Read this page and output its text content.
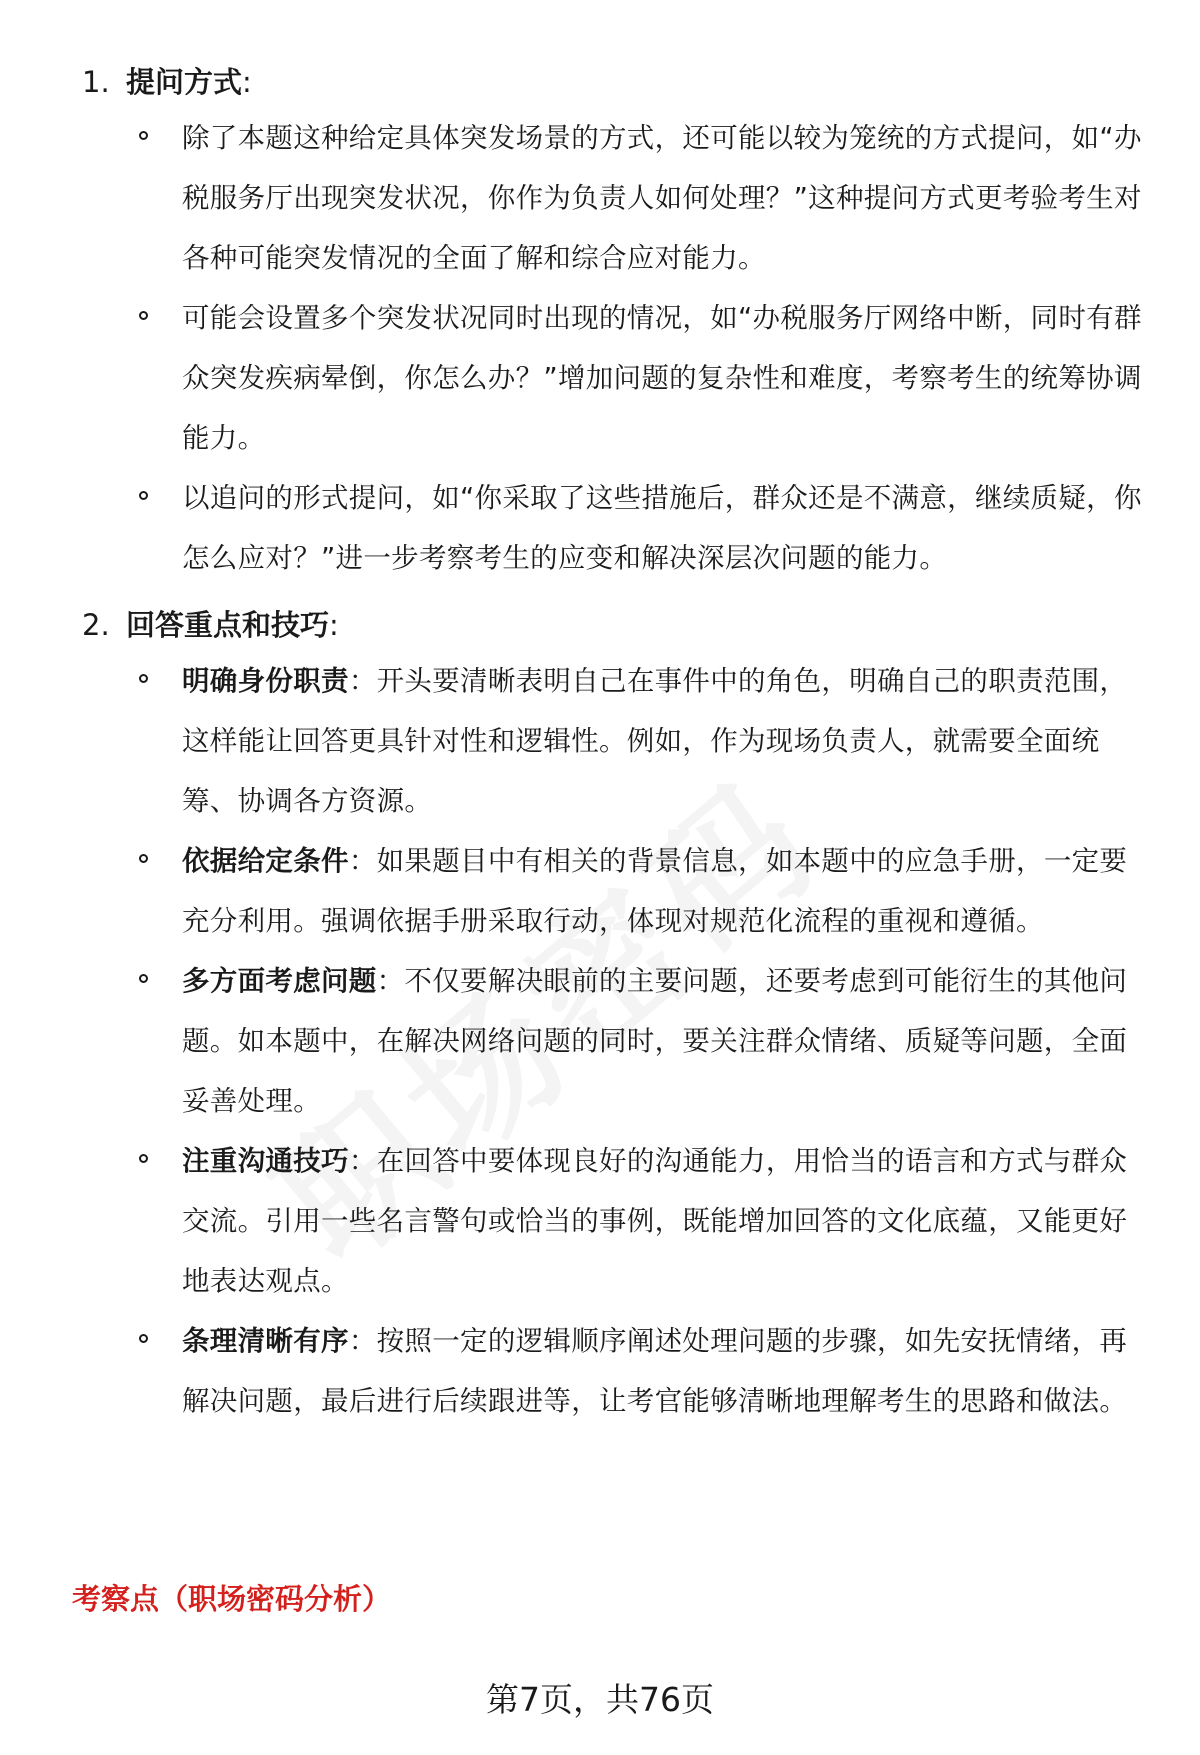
1. 提问方式:
除了本题这种给定具体突发场景的方式，还可能以较为笼统的方式提问，如“办税服务厅出现突发状况，你作为负责人如何处理？”这种提问方式更考验考生对各种可能突发情况的全面了解和综合应对能力。
可能会设置多个突发状况同时出现的情况，如“办税服务厅网络中断，同时有群众突发疾病晕倒，你怎么办？”增加问题的复杂性和难度，考察考生的统筹协调能力。
以追问的形式提问，如“你采取了这些措施后，群众还是不满意，继续质疑，你怎么应对？”进一步考察考生的应变和解决深层次问题的能力。
2. 回答重点和技巧:
明确身份职责：开头要清晰表明自己在事件中的角色，明确自己的职责范围，这样能让回答更具针对性和逻辑性。例如，作为现场负责人，就需要全面统筹、协调各方资源。
依据给定条件：如果题目中有相关的背景信息，如本题中的应急手册，一定要充分利用。强调依据手册采取行动，体现对规范化流程的重视和遵循。
多方面考虑问题：不仅要解决眼前的主要问题，还要考虑到可能衍生的其他问题。如本题中，在解决网络问题的同时，要关注群众情绪、质疑等问题，全面妥善处理。
注重沟通技巧：在回答中要体现良好的沟通能力，用恰当的语言和方式与群众交流。引用一些名言警句或恰当的事例，既能增加回答的文化底蕴，又能更好地表达观点。
条理清晰有序：按照一定的逻辑顺序阐述处理问题的步骤，如先安抚情绪，再解决问题，最后进行后续跟进等，让考官能够清晰地理解考生的思路和做法。
考察点（职场密码分析）
第7页，共76页
